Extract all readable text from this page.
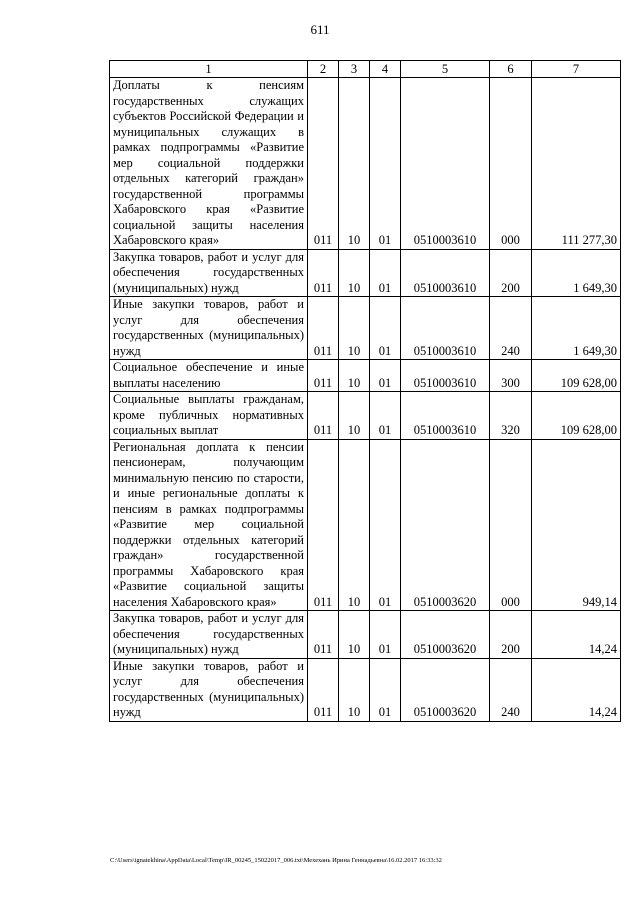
611
1	2	3	4	5	6	7
Доплаты к пенсиям государственных служащих субъектов Российской Федерации и муниципальных служащих в рамках подпрограммы «Развитие мер социальной поддержки отдельных категорий граждан» государственной программы Хабаровского края «Развитие социальной защиты населения Хабаровского края»	011	10	01	0510003610	000	111 277,30
Закупка товаров, работ и услуг для обеспечения государственных (муниципальных) нужд	011	10	01	0510003610	200	1 649,30
Иные закупки товаров, работ и услуг для обеспечения государственных (муниципальных) нужд	011	10	01	0510003610	240	1 649,30
Социальное обеспечение и иные выплаты населению	011	10	01	0510003610	300	109 628,00
Социальные выплаты гражданам, кроме публичных нормативных социальных выплат	011	10	01	0510003610	320	109 628,00
Региональная доплата к пенсии пенсионерам, получающим минимальную пенсию по старости, и иные региональные доплаты к пенсиям в рамках подпрограммы «Развитие мер социальной поддержки отдельных категорий граждан» государственной программы Хабаровского края «Развитие социальной защиты населения Хабаровского края»	011	10	01	0510003620	000	949,14
Закупка товаров, работ и услуг для обеспечения государственных (муниципальных) нужд	011	10	01	0510003620	200	14,24
Иные закупки товаров, работ и услуг для обеспечения государственных (муниципальных) нужд	011	10	01	0510003620	240	14,24
C:\Users\ignatekhina\AppData\Local\Temp\IR_00245_15022017_006.txt\Мехехань Ирина Геннадьевна\16.02.2017 16:33:32
